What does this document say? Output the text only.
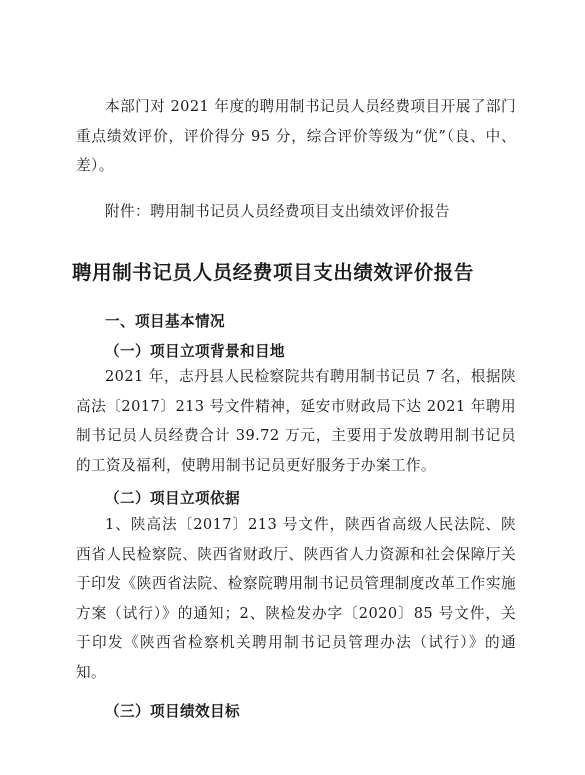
本部门对 2021 年度的聘用制书记员人员经费项目开展了部门重点绩效评价，评价得分 95 分，综合评价等级为“优”（良、中、差）。

附件：聘用制书记员人员经费项目支出绩效评价报告

聘用制书记员人员经费项目支出绩效评价报告
一、项目基本情况
（一）项目立项背景和目地

2021 年，志丹县人民检察院共有聘用制书记员 7 名，根据陕高法〔2017〕213 号文件精神，延安市财政局下达 2021 年聘用制书记员人员经费合计 39.72 万元，主要用于发放聘用制书记员的工资及福利，使聘用制书记员更好服务于办案工作。

（二）项目立项依据

1、陕高法〔2017〕213 号文件，陕西省高级人民法院、陕西省人民检察院、陕西省财政厅、陕西省人力资源和社会保障厅关于印发《陕西省法院、检察院聘用制书记员管理制度改革工作实施方案（试行）》的通知；2、陕检发办字〔2020〕85 号文件，关于印发《陕西省检察机关聘用制书记员管理办法（试行）》的通知。

（三）项目绩效目标
